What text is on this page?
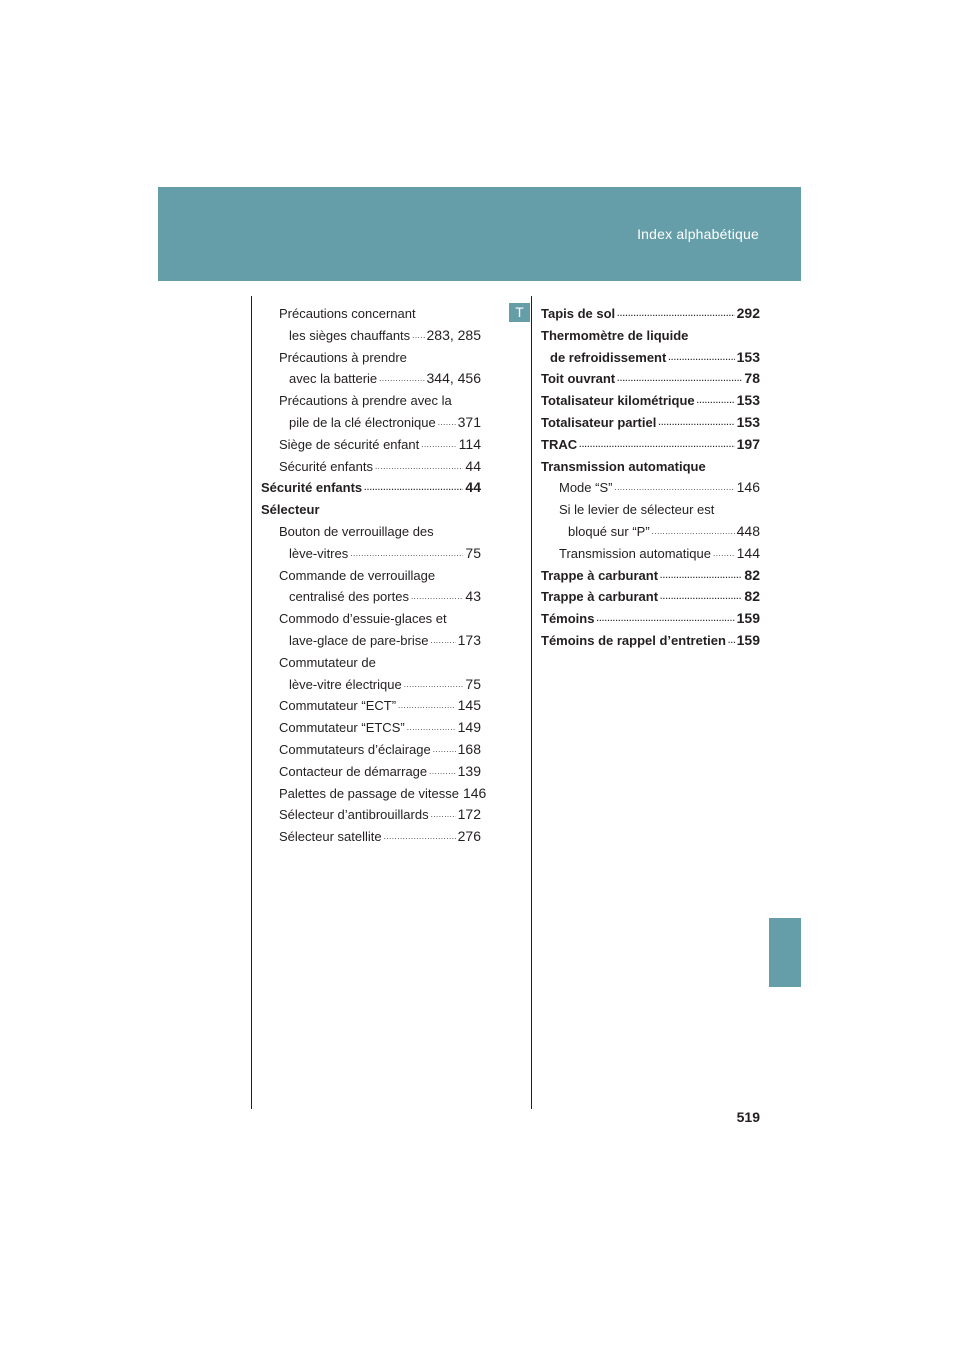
Index alphabétique
T
Précautions concernant
les sièges chauffants ..... 283, 285
Précautions à prendre
avec la batterie .....	344, 456
Précautions à prendre avec la
pile de la clé électronique ..... 371
Siège de sécurité enfant .....	114
Sécurité enfants .....	44
Sécurité enfants .....	44
Sélecteur
Bouton de verrouillage des
lève-vitres .....	75
Commande de verrouillage
centralisé des portes .....	43
Commodo d’essuie-glaces et
lave-glace de pare-brise ..... 173
Commutateur de
lève-vitre électrique .....	75
Commutateur “ECT” .....	145
Commutateur “ETCS” .....	149
Commutateurs d’éclairage ..... 168
Contacteur de démarrage ..... 139
Palettes de passage de vitesse 146
Sélecteur d’antibrouillards ..... 172
Sélecteur satellite .....	276
Tapis de sol .....	292
Thermomètre de liquide
de refroidissement .....	153
Toit ouvrant .....	78
Totalisateur kilométrique .....	153
Totalisateur partiel .....	153
TRAC .....	197
Transmission automatique
Mode “S” .....	146
Si le levier de sélecteur est
bloqué sur “P” .....	448
Transmission automatique ..... 144
Trappe à carburant .....	82
Trappe à carburant .....	82
Témoins .....	159
Témoins de rappel d’entretien ..... 159
519
